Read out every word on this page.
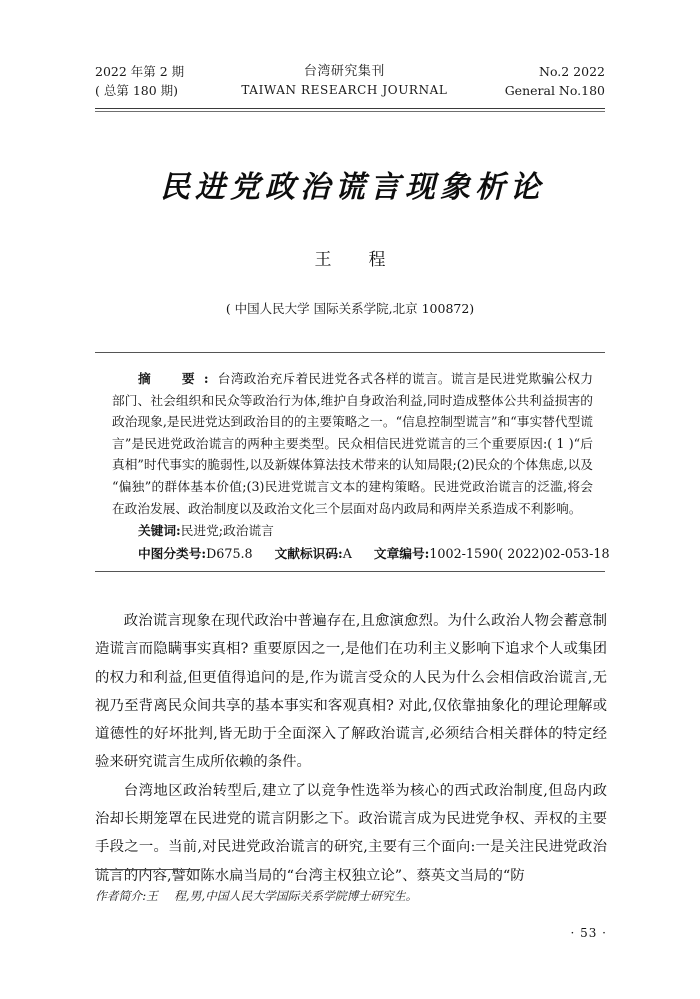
2022 年第 2 期
( 总第 180 期)
台湾研究集刊
TAIWAN RESEARCH JOURNAL
No.2 2022
General No.180
民进党政治谎言现象析论
王　程
( 中国人民大学 国际关系学院,北京 100872)
摘　要:台湾政治充斥着民进党各式各样的谎言。谎言是民进党欺骗公权力部门、社会组织和民众等政治行为体,维护自身政治利益,同时造成整体公共利益损害的政治现象,是民进党达到政治目的的主要策略之一。“信息控制型谎言”和“事实替代型谎言”是民进党政治谎言的两种主要类型。民众相信民进党谎言的三个重要原因:( 1 )“后真相”时代事实的脆弱性,以及新媒体算法技术带来的认知局限;(2)民众的个体焦虑,以及“偏独”的群体基本价值;(3)民进党谎言文本的建构策略。民进党政治谎言的泛滥,将会在政治发展、政治制度以及政治文化三个层面对岛内政局和两岸关系造成不利影响。
关键词:民进党;政治谎言
中图分类号:D675.8 文献标识码:A 文章编号:1002-1590( 2022)02-053-18

政治谎言现象在现代政治中普遍存在,且愈演愈烈。为什么政治人物会蓄意制造谎言而隐瞒事实真相? 重要原因之一,是他们在功利主义影响下追求个人或集团的权力和利益,但更值得追问的是,作为谎言受众的人民为什么会相信政治谎言,无视乃至背离民众间共享的基本事实和客观真相? 对此,仅依靠抽象化的理论理解或道德性的好坏批判,皆无助于全面深入了解政治谎言,必须结合相关群体的特定经验来研究谎言生成所依赖的条件。

台湾地区政治转型后,建立了以竞争性选举为核心的西式政治制度,但岛内政治却长期笼罩在民进党的谎言阴影之下。政治谎言成为民进党争权、弄权的主要手段之一。当前,对民进党政治谎言的研究,主要有三个面向:一是关注民进党政治谎言的内容,譬如陈水扁当局的“台湾主权独立论”、蔡英文当局的“防

作者简介:王 程,男,中国人民大学国际关系学院博士研究生。
· 53 ·
